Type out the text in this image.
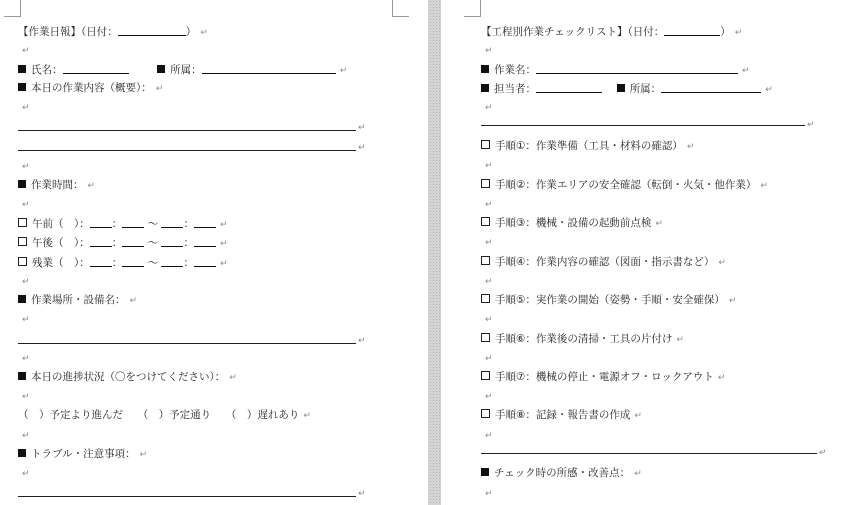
【作業日報】（日付：	） ↵
↵
氏名：	所属：	↵
本日の作業内容（概要）： ↵
↵
↵
↵
↵
作業時間： ↵
↵
午前（　）： ： ～ ：	↵
午後（　）： ： ～ ：	↵
残業（　）： ： ～ ：	↵
↵
作業場所・設備名： ↵
↵
↵
↵
本日の進捗状況（〇をつけてください）： ↵
↵
（　）予定より進んだ （　）予定通り （　）遅れあり ↵
↵
トラブル・注意事項： ↵
↵
↵
【工程別作業チェックリスト】（日付：	） ↵
↵
作業名：	↵
担当者：	所属：	↵
↵
↵
手順①：作業準備（工具・材料の確認） ↵
↵
手順②：作業エリアの安全確認（転倒・火気・他作業） ↵
↵
手順③：機械・設備の起動前点検 ↵
↵
手順④：作業内容の確認（図面・指示書など） ↵
↵
手順⑤：実作業の開始（姿勢・手順・安全確保） ↵
↵
手順⑥：作業後の清掃・工具の片付け ↵
↵
手順⑦：機械の停止・電源オフ・ロックアウト ↵
↵
手順⑧：記録・報告書の作成 ↵
↵
↵
チェック時の所感・改善点： ↵
↵
